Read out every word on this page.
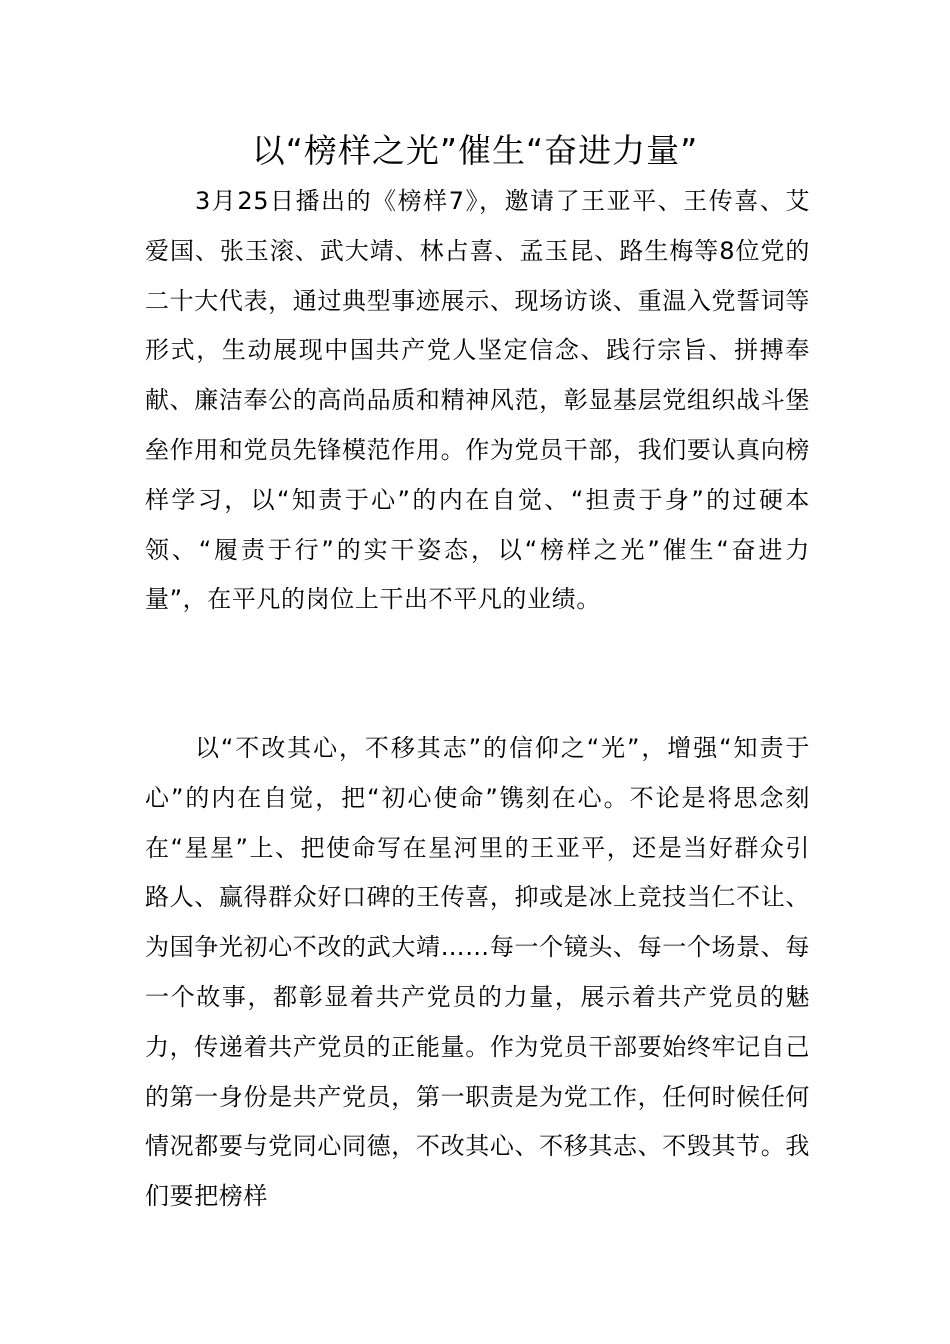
以“榜样之光”催生“奋进力量”

3月25日播出的《榜样7》，邀请了王亚平、王传喜、艾爱国、张玉滚、武大靖、林占喜、孟玉昆、路生梅等8位党的二十大代表，通过典型事迹展示、现场访谈、重温入党誓词等形式，生动展现中国共产党人坚定信念、践行宗旨、拼搏奉献、廉洁奉公的高尚品质和精神风范，彰显基层党组织战斗堡垒作用和党员先锋模范作用。作为党员干部，我们要认真向榜样学习，以“知责于心”的内在自觉、“担责于身”的过硬本领、“履责于行”的实干姿态，以“榜样之光”催生“奋进力量”，在平凡的岗位上干出不平凡的业绩。

以“不改其心，不移其志”的信仰之“光”，增强“知责于心”的内在自觉，把“初心使命”镌刻在心。不论是将思念刻在“星星”上、把使命写在星河里的王亚平，还是当好群众引路人、赢得群众好口碑的王传喜，抑或是冰上竞技当仁不让、为国争光初心不改的武大靖……每一个镜头、每一个场景、每一个故事，都彰显着共产党员的力量，展示着共产党员的魅力，传递着共产党员的正能量。作为党员干部要始终牢记自己的第一身份是共产党员，第一职责是为党工作，任何时候任何情况都要与党同心同德，不改其心、不移其志、不毁其节。我们要把榜样
